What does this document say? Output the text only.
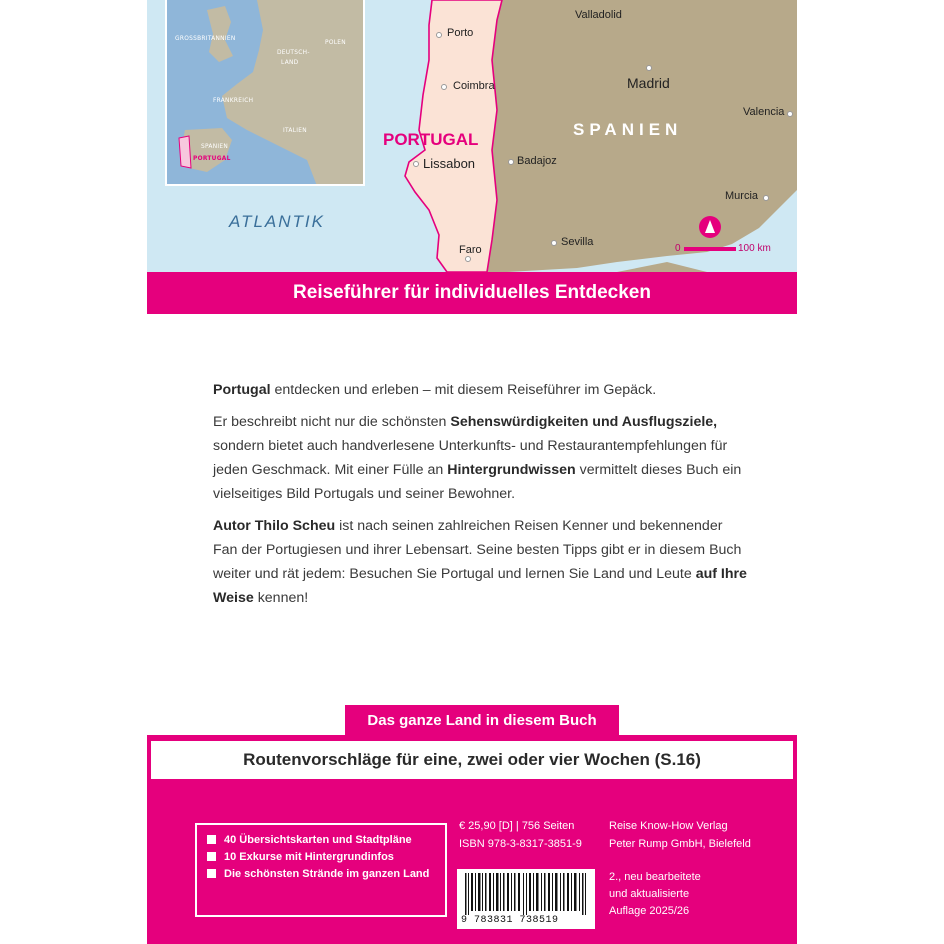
GROSSBRITANNIEN	POLEN
DEUTSCH-
LAND
FRANKREICH
ITALIEN
SPANIEN
PORTUGAL
ATLANTIK
PORTUGAL
SPANIEN
Porto
Coimbra
Lissabon
Faro
Valladolid
Madrid
Valencia
Badajoz
Murcia
Sevilla
0	100 km
Reiseführer für individuelles Entdecken

Portugal entdecken und erleben – mit diesem Reiseführer im Gepäck.

Er beschreibt nicht nur die schönsten Sehenswürdigkeiten und Ausflugsziele, sondern bietet auch handverlesene Unterkunfts- und Restaurantempfehlungen für jeden Geschmack. Mit einer Fülle an Hintergrundwissen vermittelt dieses Buch ein vielseitiges Bild Portugals und seiner Bewohner.

Autor Thilo Scheu ist nach seinen zahlreichen Reisen Kenner und bekennender Fan der Portugiesen und ihrer Lebensart. Seine besten Tipps gibt er in diesem Buch weiter und rät jedem: Besuchen Sie Portugal und lernen Sie Land und Leute auf Ihre Weise kennen!

Das ganze Land in diesem Buch
Routenvorschläge für eine, zwei oder vier Wochen (S.16)
40 Übersichtskarten und Stadtpläne
10 Exkurse mit Hintergrundinfos
Die schönsten Strände im ganzen Land
€ 25,90 [D] | 756 Seiten
ISBN 978-3-8317-3851-9
Reise Know-How Verlag
Peter Rump GmbH, Bielefeld
9 783831 738519
2., neu bearbeitete
und aktualisierte
Auflage 2025/26
